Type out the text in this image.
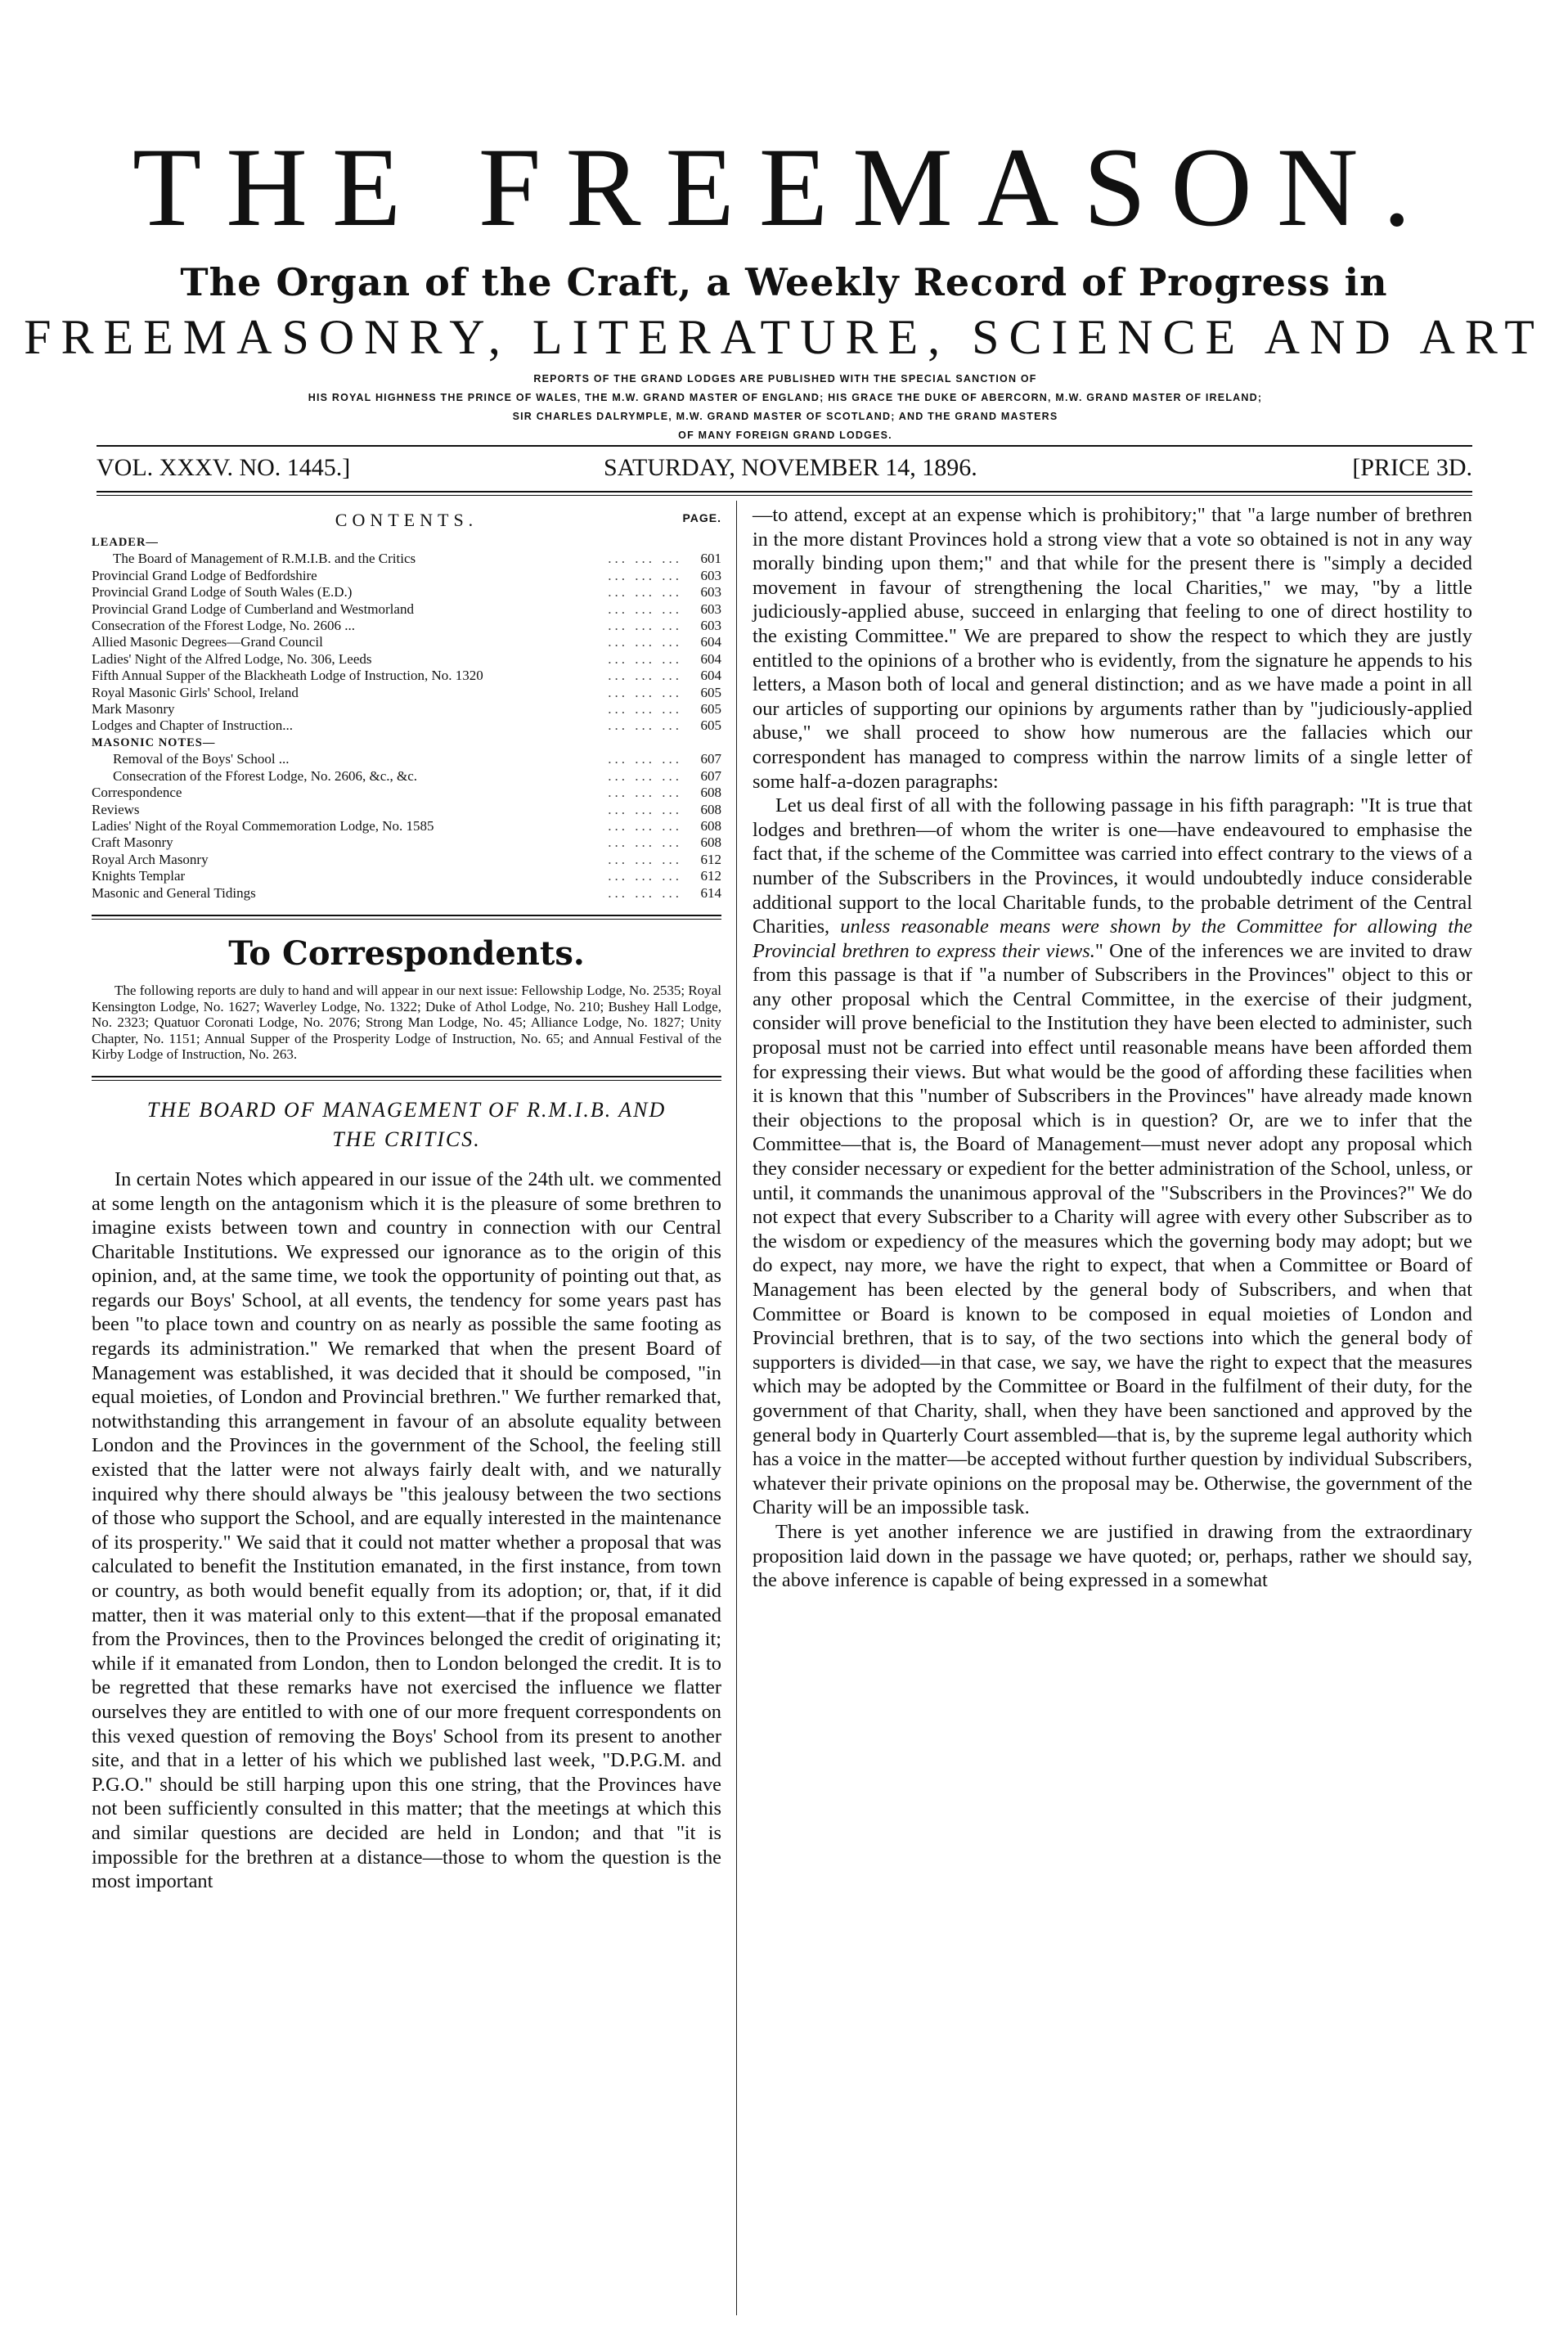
THE FREEMASON.
The Organ of the Craft, a Weekly Record of Progress in
FREEMASONRY, LITERATURE, SCIENCE AND ART
REPORTS OF THE GRAND LODGES ARE PUBLISHED WITH THE SPECIAL SANCTION OF
HIS ROYAL HIGHNESS THE PRINCE OF WALES, THE M.W. GRAND MASTER OF ENGLAND; HIS GRACE THE DUKE OF ABERCORN, M.W. GRAND MASTER OF IRELAND;
SIR CHARLES DALRYMPLE, M.W. GRAND MASTER OF SCOTLAND; AND THE GRAND MASTERS
OF MANY FOREIGN GRAND LODGES.
VOL. XXXV. NO. 1445.]	SATURDAY, NOVEMBER 14, 1896.	[PRICE 3D.
CONTENTS.	PAGE.
LEADER—
The Board of Management of R.M.I.B. and the Critics	... ... ...	601
Provincial Grand Lodge of Bedfordshire	... ... ...	603
Provincial Grand Lodge of South Wales (E.D.)	... ... ...	603
Provincial Grand Lodge of Cumberland and Westmorland	... ... ...	603
Consecration of the Fforest Lodge, No. 2606 ...	... ... ...	603
Allied Masonic Degrees—Grand Council	... ... ...	604
Ladies' Night of the Alfred Lodge, No. 306, Leeds	... ... ...	604
Fifth Annual Supper of the Blackheath Lodge of Instruction, No. 1320	... ... ...	604
Royal Masonic Girls' School, Ireland	... ... ...	605
Mark Masonry	... ... ...	605
Lodges and Chapter of Instruction...	... ... ...	605
MASONIC NOTES—
Removal of the Boys' School ...	... ... ...	607
Consecration of the Fforest Lodge, No. 2606, &c., &c.	... ... ...	607
Correspondence	... ... ...	608
Reviews	... ... ...	608
Ladies' Night of the Royal Commemoration Lodge, No. 1585	... ... ...	608
Craft Masonry	... ... ...	608
Royal Arch Masonry	... ... ...	612
Knights Templar	... ... ...	612
Masonic and General Tidings	... ... ...	614
To Correspondents.
The following reports are duly to hand and will appear in our next issue: Fellowship Lodge, No. 2535; Royal Kensington Lodge, No. 1627; Waverley Lodge, No. 1322; Duke of Athol Lodge, No. 210; Bushey Hall Lodge, No. 2323; Quatuor Coronati Lodge, No. 2076; Strong Man Lodge, No. 45; Alliance Lodge, No. 1827; Unity Chapter, No. 1151; Annual Supper of the Prosperity Lodge of Instruction, No. 65; and Annual Festival of the Kirby Lodge of Instruction, No. 263.
THE BOARD OF MANAGEMENT OF R.M.I.B. AND
THE CRITICS.

In certain Notes which appeared in our issue of the 24th ult. we commented at some length on the antagonism which it is the pleasure of some brethren to imagine exists between town and country in connection with our Central Charitable Institutions. We expressed our ignorance as to the origin of this opinion, and, at the same time, we took the opportunity of pointing out that, as regards our Boys' School, at all events, the tendency for some years past has been "to place town and country on as nearly as possible the same footing as regards its administration." We remarked that when the present Board of Management was established, it was decided that it should be composed, "in equal moieties, of London and Provincial brethren." We further remarked that, notwithstanding this arrangement in favour of an absolute equality between London and the Provinces in the government of the School, the feeling still existed that the latter were not always fairly dealt with, and we naturally inquired why there should always be "this jealousy between the two sections of those who support the School, and are equally interested in the maintenance of its prosperity." We said that it could not matter whether a proposal that was calculated to benefit the Institution emanated, in the first instance, from town or country, as both would benefit equally from its adoption; or, that, if it did matter, then it was material only to this extent—that if the proposal emanated from the Provinces, then to the Provinces belonged the credit of originating it; while if it emanated from London, then to London belonged the credit. It is to be regretted that these remarks have not exercised the influence we flatter ourselves they are entitled to with one of our more frequent correspondents on this vexed question of removing the Boys' School from its present to another site, and that in a letter of his which we published last week, "D.P.G.M. and P.G.O." should be still harping upon this one string, that the Provinces have not been sufficiently consulted in this matter; that the meetings at which this and similar questions are decided are held in London; and that "it is impossible for the brethren at a distance—those to whom the question is the most important

—to attend, except at an expense which is prohibitory;" that "a large number of brethren in the more distant Provinces hold a strong view that a vote so obtained is not in any way morally binding upon them;" and that while for the present there is "simply a decided movement in favour of strengthening the local Charities," we may, "by a little judiciously-applied abuse, succeed in enlarging that feeling to one of direct hostility to the existing Committee." We are prepared to show the respect to which they are justly entitled to the opinions of a brother who is evidently, from the signature he appends to his letters, a Mason both of local and general distinction; and as we have made a point in all our articles of supporting our opinions by arguments rather than by "judiciously-applied abuse," we shall proceed to show how numerous are the fallacies which our correspondent has managed to compress within the narrow limits of a single letter of some half-a-dozen paragraphs:

Let us deal first of all with the following passage in his fifth paragraph: "It is true that lodges and brethren—of whom the writer is one—have endeavoured to emphasise the fact that, if the scheme of the Committee was carried into effect contrary to the views of a number of the Subscribers in the Provinces, it would undoubtedly induce considerable additional support to the local Charitable funds, to the probable detriment of the Central Charities, unless reasonable means were shown by the Committee for allowing the Provincial brethren to express their views." One of the inferences we are invited to draw from this passage is that if "a number of Subscribers in the Provinces" object to this or any other proposal which the Central Committee, in the exercise of their judgment, consider will prove beneficial to the Institution they have been elected to administer, such proposal must not be carried into effect until reasonable means have been afforded them for expressing their views. But what would be the good of affording these facilities when it is known that this "number of Subscribers in the Provinces" have already made known their objections to the proposal which is in question? Or, are we to infer that the Committee—that is, the Board of Management—must never adopt any proposal which they consider necessary or expedient for the better administration of the School, unless, or until, it commands the unanimous approval of the "Subscribers in the Provinces?" We do not expect that every Subscriber to a Charity will agree with every other Subscriber as to the wisdom or expediency of the measures which the governing body may adopt; but we do expect, nay more, we have the right to expect, that when a Committee or Board of Management has been elected by the general body of Subscribers, and when that Committee or Board is known to be composed in equal moieties of London and Provincial brethren, that is to say, of the two sections into which the general body of supporters is divided—in that case, we say, we have the right to expect that the measures which may be adopted by the Committee or Board in the fulfilment of their duty, for the government of that Charity, shall, when they have been sanctioned and approved by the general body in Quarterly Court assembled—that is, by the supreme legal authority which has a voice in the matter—be accepted without further question by individual Subscribers, whatever their private opinions on the proposal may be. Otherwise, the government of the Charity will be an impossible task.

There is yet another inference we are justified in drawing from the extraordinary proposition laid down in the passage we have quoted; or, perhaps, rather we should say, the above inference is capable of being expressed in a somewhat
